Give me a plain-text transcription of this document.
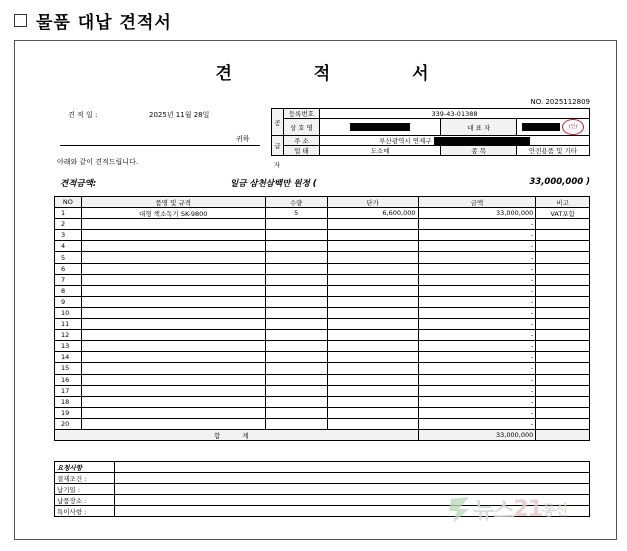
물품 대납 견적서
견 적 서
NO. 2025112809
견 적 일 :	2025년 11월 28일
귀하
아래와 같이 견적드립니다.
공	등록번호	339-43-01388		
	상 호 명		대 표 자	(인)
급	주 소	부산광역시 연제구		
	업 태	도소매	종 목	안전용품 및 기타
자
견적금액:	일금 삼천삼백만 원정 (	33,000,000 )
NO	품명 및 규격	수량	단가	금액	비고
1	대형 책소독기 SK-9800	5	6,600,000	33,000,000	VAT포함
2				-	
3				-	
4				-	
5				-	
6				-	
7				-	
8				-	
9				-	
10				-	
11				-	
12				-	
13				-	
14				-	
15				-	
16				-	
17				-	
18				-	
19				-	
20				-	
합 계				33,000,000	
요청사항	
결제조건 :	
납기일 :	
납품장소 :	
특이사항 :		뉴스 21 통신
